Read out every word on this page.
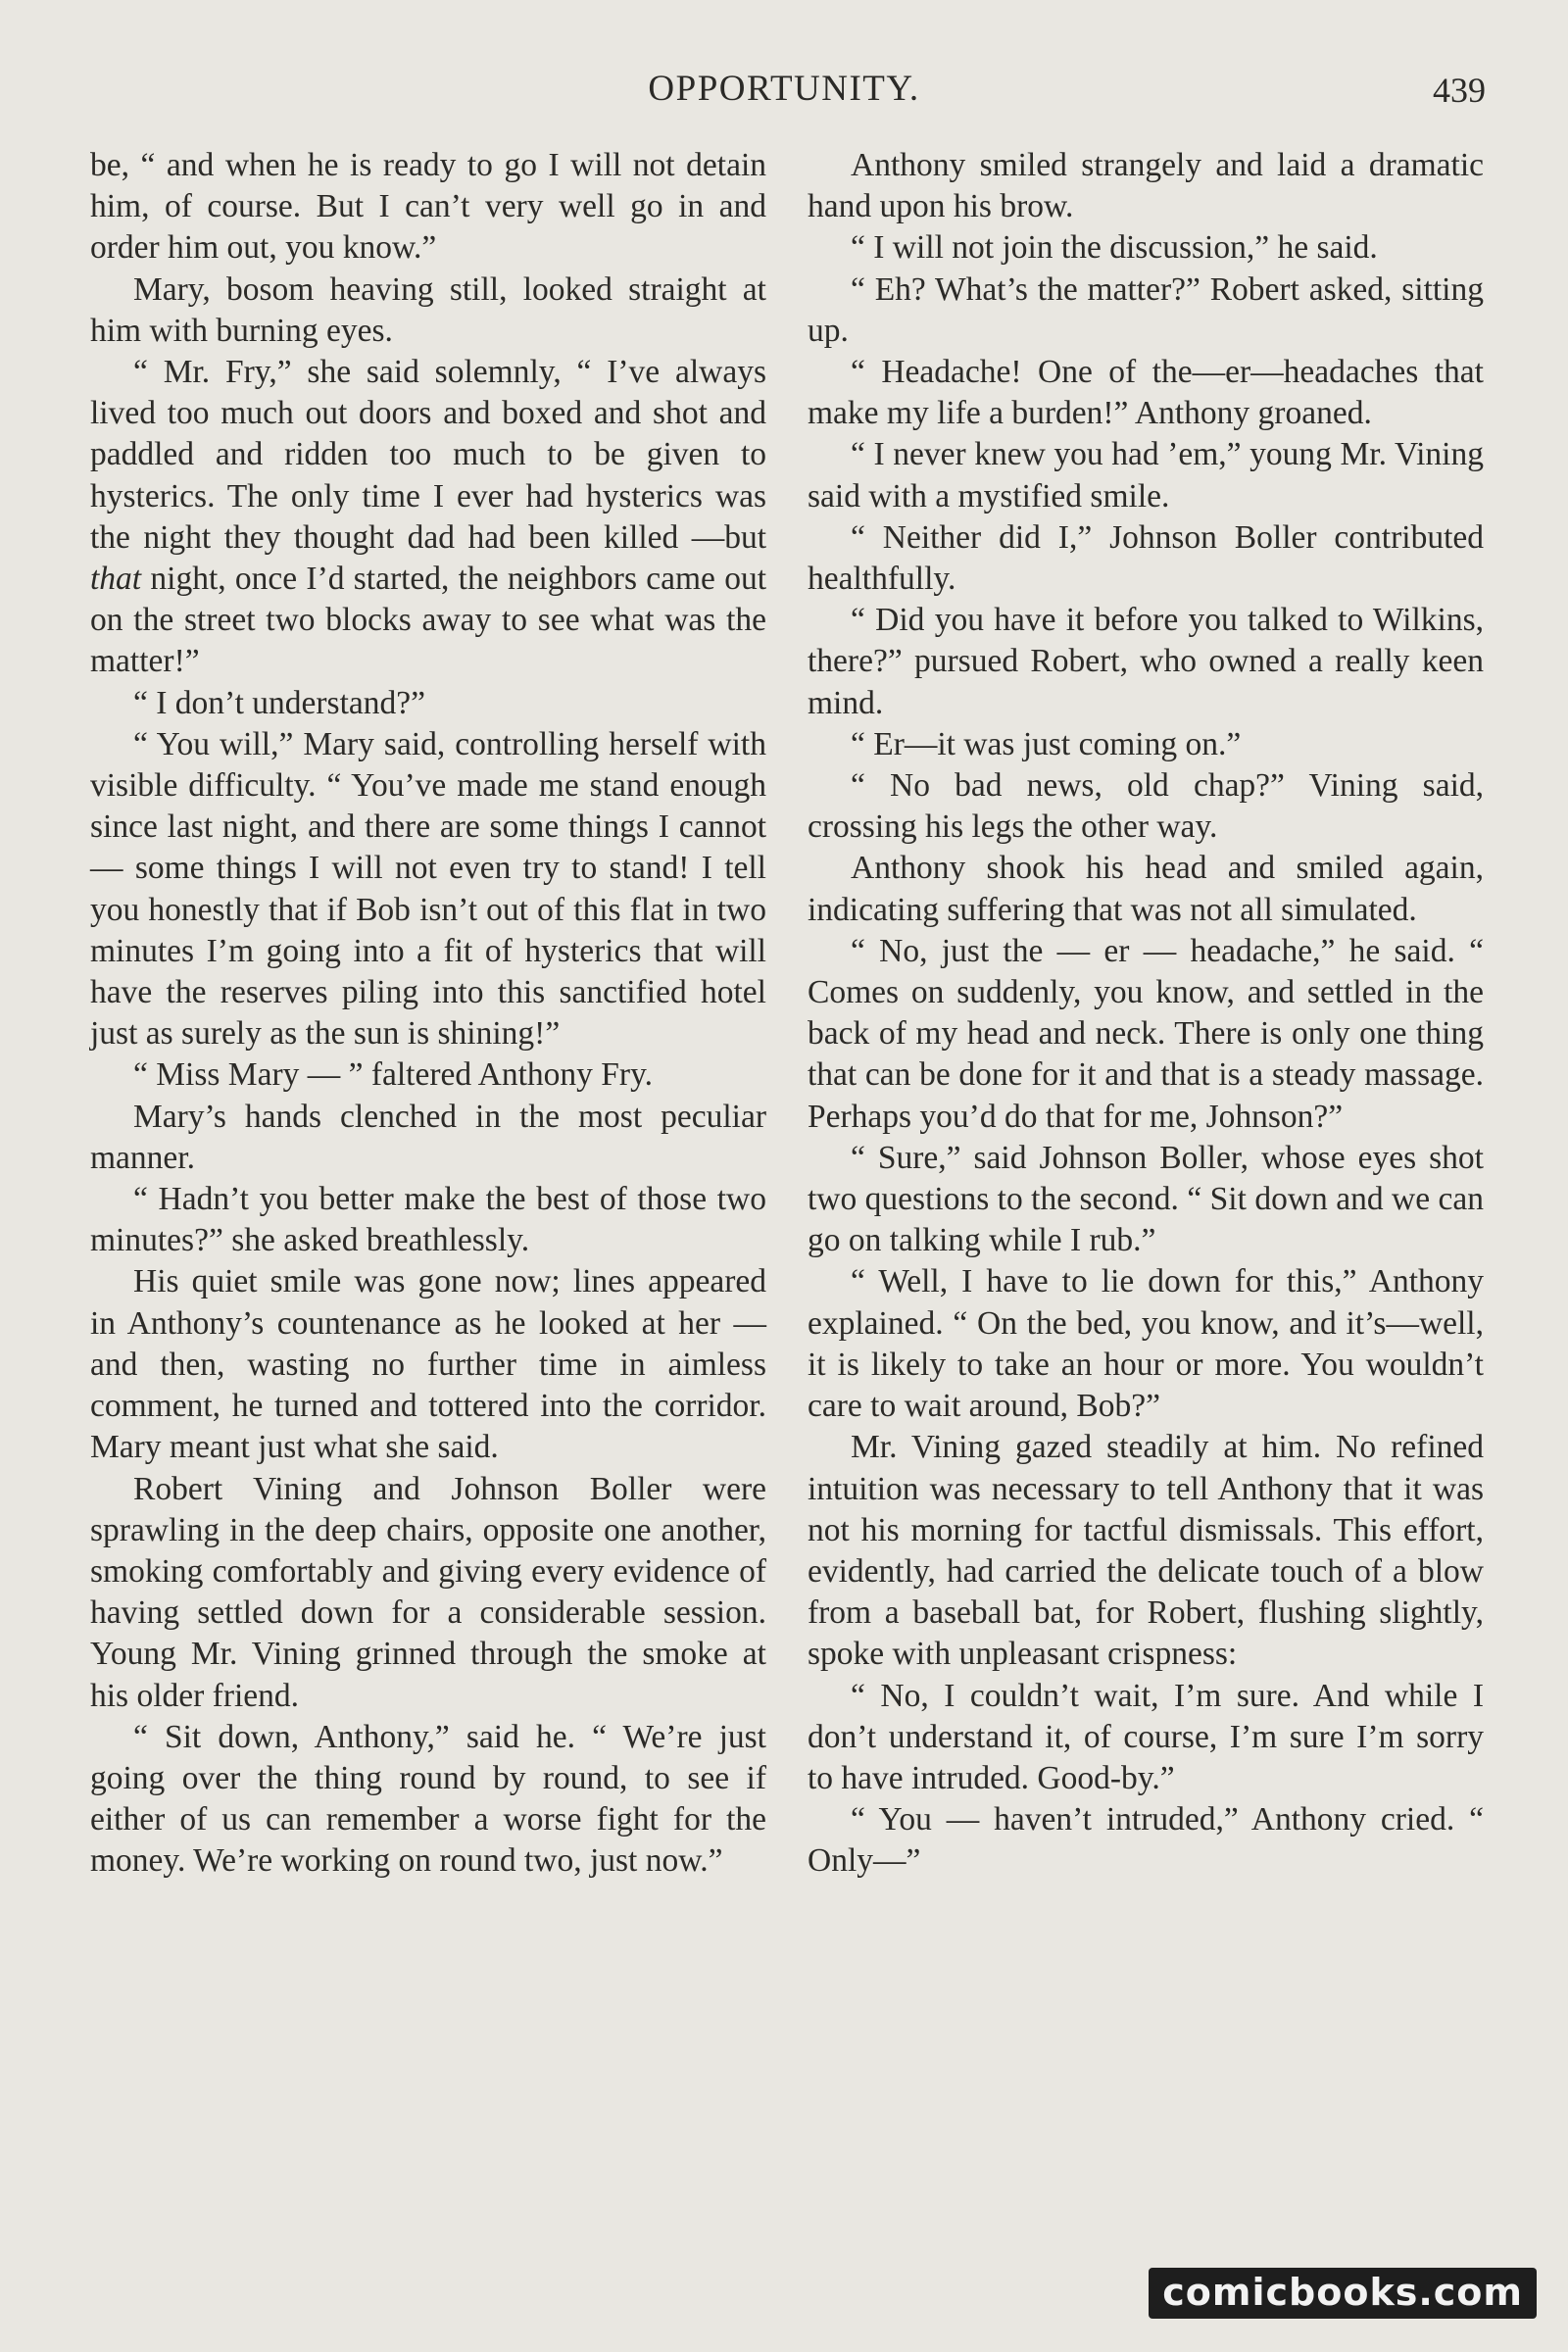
OPPORTUNITY.	439

be, “ and when he is ready to go I will not detain him, of course. But I can’t very well go in and order him out, you know.”

Mary, bosom heaving still, looked straight at him with burning eyes.

“ Mr. Fry,” she said solemnly, “ I’ve always lived too much out doors and boxed and shot and paddled and ridden too much to be given to hysterics. The only time I ever had hysterics was the night they thought dad had been killed —but that night, once I’d started, the neighbors came out on the street two blocks away to see what was the matter!”

“ I don’t understand?”

“ You will,” Mary said, controlling herself with visible difficulty. “ You’ve made me stand enough since last night, and there are some things I cannot— some things I will not even try to stand! I tell you honestly that if Bob isn’t out of this flat in two minutes I’m going into a fit of hysterics that will have the reserves piling into this sanctified hotel just as surely as the sun is shining!”

“ Miss Mary — ” faltered Anthony Fry.

Mary’s hands clenched in the most peculiar manner.

“ Hadn’t you better make the best of those two minutes?” she asked breathlessly.

His quiet smile was gone now; lines appeared in Anthony’s countenance as he looked at her — and then, wasting no further time in aimless comment, he turned and tottered into the corridor. Mary meant just what she said.

Robert Vining and Johnson Boller were sprawling in the deep chairs, opposite one another, smoking comfortably and giving every evidence of having settled down for a considerable session. Young Mr. Vining grinned through the smoke at his older friend.

“ Sit down, Anthony,” said he. “ We’re just going over the thing round by round, to see if either of us can remember a worse fight for the money. We’re working on round two, just now.”

Anthony smiled strangely and laid a dramatic hand upon his brow.

“ I will not join the discussion,” he said.

“ Eh? What’s the matter?” Robert asked, sitting up.

“ Headache! One of the—er—headaches that make my life a burden!” Anthony groaned.

“ I never knew you had ’em,” young Mr. Vining said with a mystified smile.

“ Neither did I,” Johnson Boller contributed healthfully.

“ Did you have it before you talked to Wilkins, there?” pursued Robert, who owned a really keen mind.

“ Er—it was just coming on.”

“ No bad news, old chap?” Vining said, crossing his legs the other way.

Anthony shook his head and smiled again, indicating suffering that was not all simulated.

“ No, just the — er — headache,” he said. “ Comes on suddenly, you know, and settled in the back of my head and neck. There is only one thing that can be done for it and that is a steady massage. Perhaps you’d do that for me, Johnson?”

“ Sure,” said Johnson Boller, whose eyes shot two questions to the second. “ Sit down and we can go on talking while I rub.”

“ Well, I have to lie down for this,” Anthony explained. “ On the bed, you know, and it’s—well, it is likely to take an hour or more. You wouldn’t care to wait around, Bob?”

Mr. Vining gazed steadily at him. No refined intuition was necessary to tell Anthony that it was not his morning for tactful dismissals. This effort, evidently, had carried the delicate touch of a blow from a baseball bat, for Robert, flushing slightly, spoke with unpleasant crispness:

“ No, I couldn’t wait, I’m sure. And while I don’t understand it, of course, I’m sure I’m sorry to have intruded. Good-by.”

“ You — haven’t intruded,” Anthony cried. “ Only—”

comicbooks.com
